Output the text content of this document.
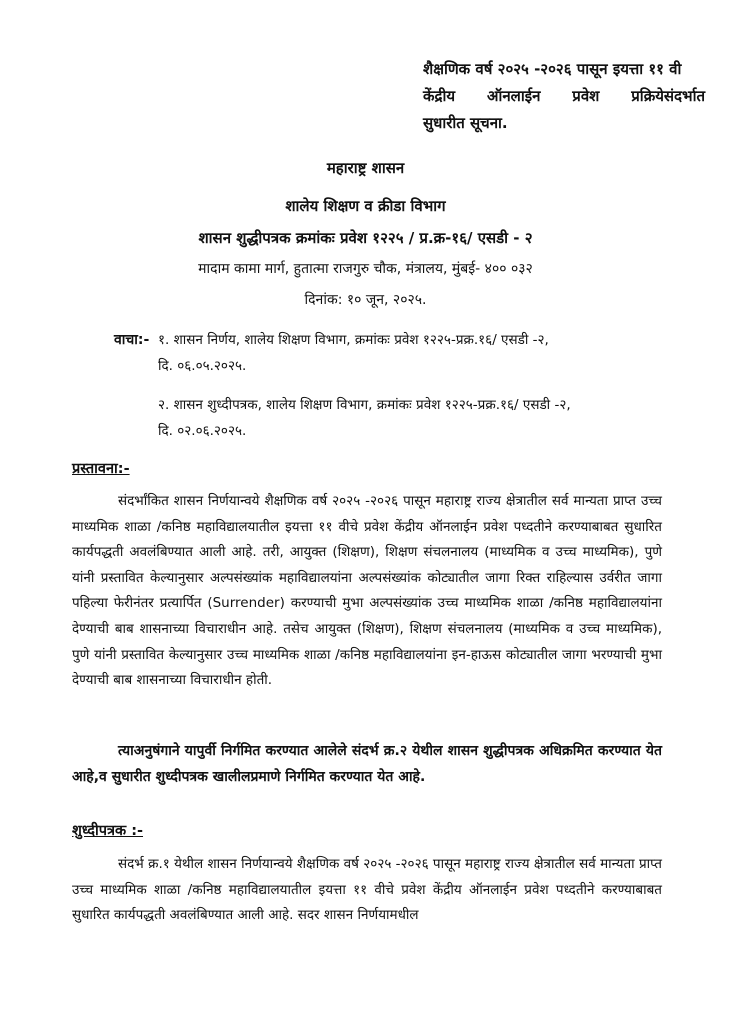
शैक्षणिक वर्ष २०२५ -२०२६ पासून इयत्ता ११ वी
केंद्रीय ऑनलाईन प्रवेश प्रक्रियेसंदर्भात
सुधारीत सूचना.
महाराष्ट्र शासन
शालेय शिक्षण व क्रीडा विभाग
शासन शुद्धीपत्रक क्रमांकः प्रवेश १२२५ / प्र.क्र-१६/ एसडी - २
मादाम कामा मार्ग, हुतात्मा राजगुरु चौक, मंत्रालय, मुंबई- ४०० ०३२
दिनांक: १० जून, २०२५.
वाचा:- १. शासन निर्णय, शालेय शिक्षण विभाग, क्रमांकः प्रवेश १२२५-प्रक्र.१६/ एसडी -२,
दि. ०६.०५.२०२५.
२. शासन शुध्दीपत्रक, शालेय शिक्षण विभाग, क्रमांकः प्रवेश १२२५-प्रक्र.१६/ एसडी -२,
दि. ०२.०६.२०२५.
प्रस्तावना:-
संदर्भांकित शासन निर्णयान्वये शैक्षणिक वर्ष २०२५ -२०२६ पासून महाराष्ट्र राज्य क्षेत्रातील सर्व मान्यता प्राप्त उच्च माध्यमिक शाळा /कनिष्ठ महाविद्यालयातील इयत्ता ११ वीचे प्रवेश केंद्रीय ऑनलाईन प्रवेश पध्दतीने करण्याबाबत सुधारित कार्यपद्धती अवलंबिण्यात आली आहे. तरी, आयुक्त (शिक्षण), शिक्षण संचलनालय (माध्यमिक व उच्च माध्यमिक), पुणे यांनी प्रस्तावित केल्यानुसार अल्पसंख्यांक महाविद्यालयांना अल्पसंख्यांक कोट्यातील जागा रिक्त राहिल्यास उर्वरीत जागा पहिल्या फेरीनंतर प्रत्यार्पित (Surrender) करण्याची मुभा अल्पसंख्यांक उच्च माध्यमिक शाळा /कनिष्ठ महाविद्यालयांना देण्याची बाब शासनाच्या विचाराधीन आहे. तसेच आयुक्त (शिक्षण), शिक्षण संचलनालय (माध्यमिक व उच्च माध्यमिक), पुणे यांनी प्रस्तावित केल्यानुसार उच्च माध्यमिक शाळा /कनिष्ठ महाविद्यालयांना इन-हाऊस कोट्यातील जागा भरण्याची मुभा देण्याची बाब शासनाच्या विचाराधीन होती.
त्याअनुषंगाने यापुर्वी निर्गमित करण्यात आलेले संदर्भ क्र.२ येथील शासन शुद्धीपत्रक अधिक्रमित करण्यात येत आहे,व सुधारीत शुध्दीपत्रक खालीलप्रमाणे निर्गमित करण्यात येत आहे.
शुध्दीपत्रक :-
संदर्भ क्र.१ येथील शासन निर्णयान्वये शैक्षणिक वर्ष २०२५ -२०२६ पासून महाराष्ट्र राज्य क्षेत्रातील सर्व मान्यता प्राप्त उच्च माध्यमिक शाळा /कनिष्ठ महाविद्यालयातील इयत्ता ११ वीचे प्रवेश केंद्रीय ऑनलाईन प्रवेश पध्दतीने करण्याबाबत सुधारित कार्यपद्धती अवलंबिण्यात आली आहे. सदर शासन निर्णयामधील
